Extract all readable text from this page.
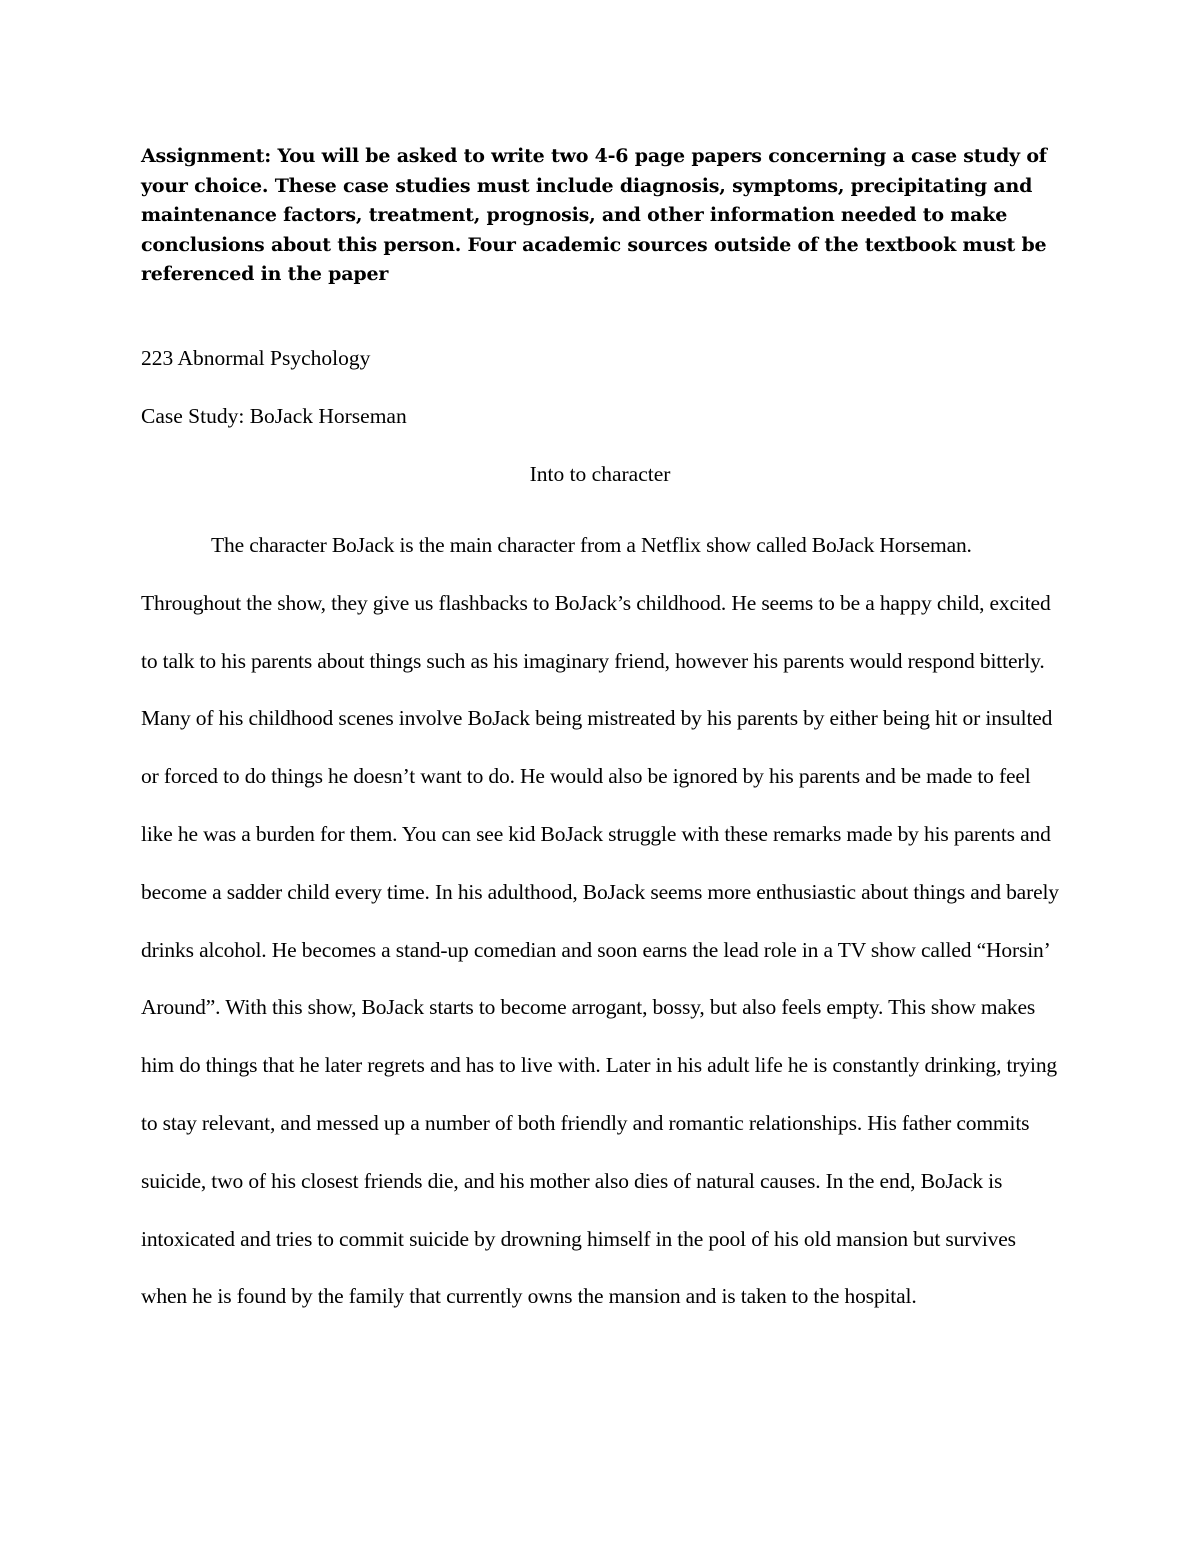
Assignment: You will be asked to write two 4-6 page papers concerning a case study of your choice. These case studies must include diagnosis, symptoms, precipitating and maintenance factors, treatment, prognosis, and other information needed to make conclusions about this person. Four academic sources outside of the textbook must be referenced in the paper

223 Abnormal Psychology

Case Study: BoJack Horseman

Into to character

The character BoJack is the main character from a Netflix show called BoJack Horseman. Throughout the show, they give us flashbacks to BoJack’s childhood. He seems to be a happy child, excited to talk to his parents about things such as his imaginary friend, however his parents would respond bitterly. Many of his childhood scenes involve BoJack being mistreated by his parents by either being hit or insulted or forced to do things he doesn’t want to do. He would also be ignored by his parents and be made to feel like he was a burden for them. You can see kid BoJack struggle with these remarks made by his parents and become a sadder child every time. In his adulthood, BoJack seems more enthusiastic about things and barely drinks alcohol. He becomes a stand-up comedian and soon earns the lead role in a TV show called “Horsin’ Around”. With this show, BoJack starts to become arrogant, bossy, but also feels empty. This show makes him do things that he later regrets and has to live with. Later in his adult life he is constantly drinking, trying to stay relevant, and messed up a number of both friendly and romantic relationships. His father commits suicide, two of his closest friends die, and his mother also dies of natural causes. In the end, BoJack is intoxicated and tries to commit suicide by drowning himself in the pool of his old mansion but survives when he is found by the family that currently owns the mansion and is taken to the hospital.
